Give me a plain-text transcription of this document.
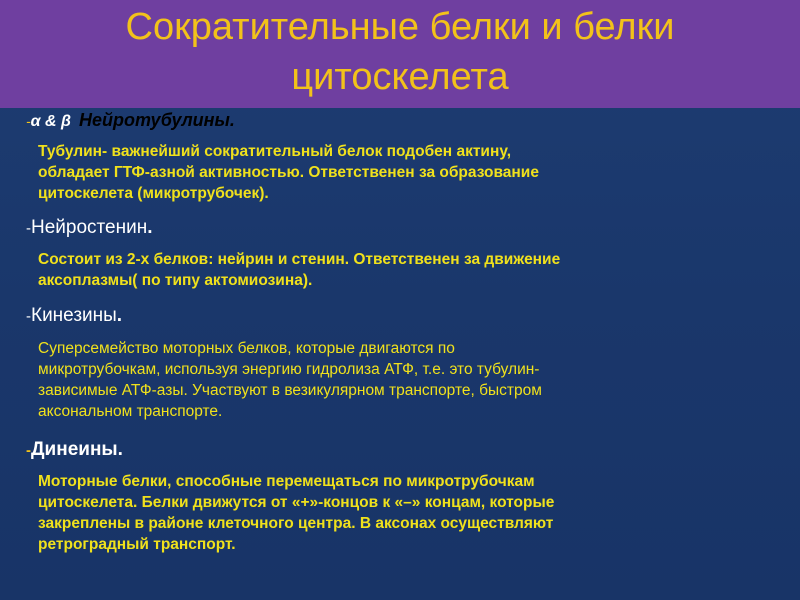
Сократительные белки и белки
цитоскелета
-α & β Нейротубулины.
Тубулин- важнейший сократительный белок подобен актину,
обладает ГТФ-азной активностью. Ответственен за образование
цитоскелета (микротрубочек).
-Нейростенин.
Состоит из 2-х белков: нейрин и стенин. Ответственен за движение
аксоплазмы( по типу актомиозина).
-Кинезины.
Суперсемейство моторных белков, которые двигаются по
микротрубочкам, используя энергию гидролиза АТФ, т.е. это тубулин-
зависимые АТФ-азы. Участвуют в везикулярном транспорте, быстром
аксональном транспорте.
-Динеины.
Моторные белки, способные перемещаться по микротрубочкам
цитоскелета. Белки движутся от «+»-концов к «–» концам, которые
закреплены в районе клеточного центра. В аксонах осуществляют
ретроградный транспорт.
